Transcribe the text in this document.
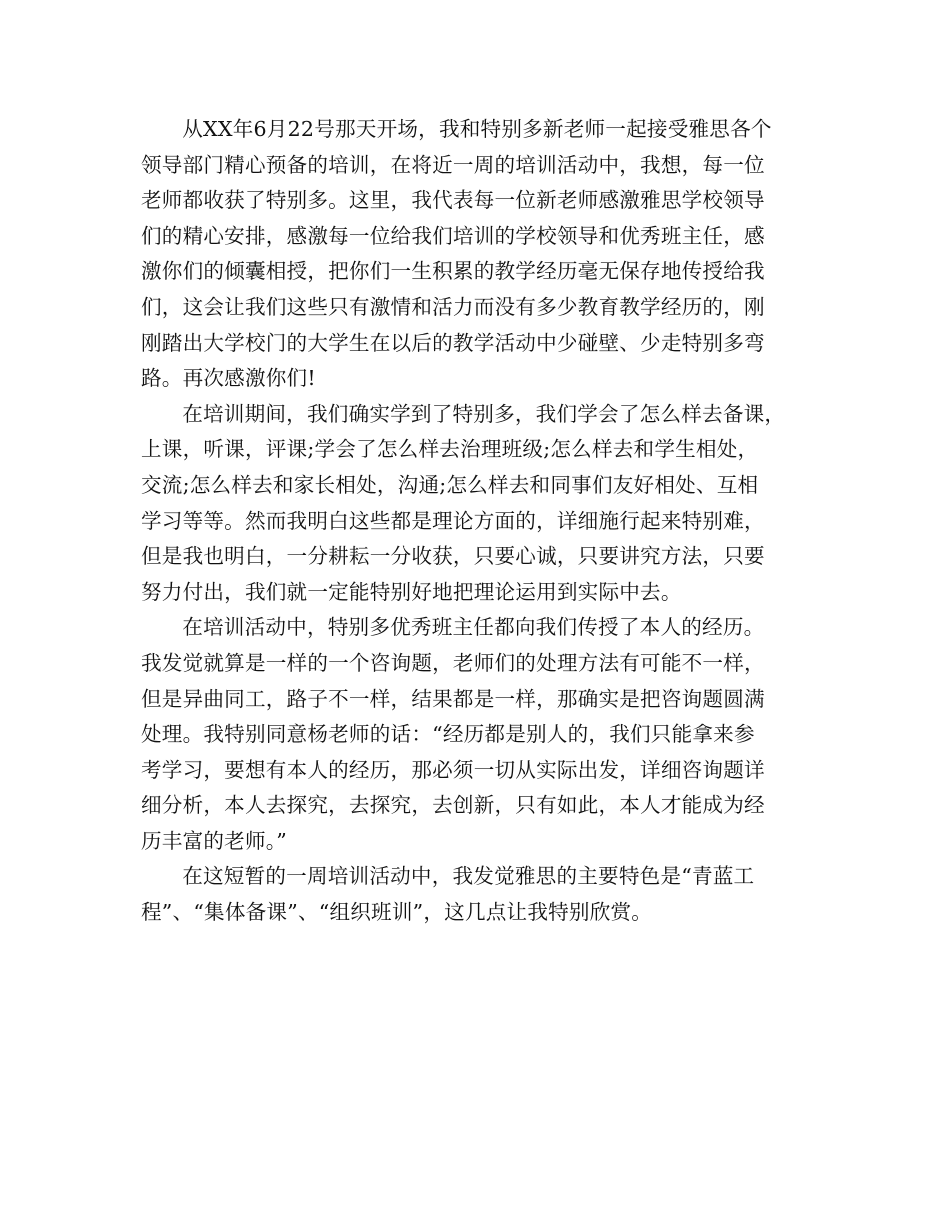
从XX年6月22号那天开场，我和特别多新老师一起接受雅思各个
领导部门精心预备的培训，在将近一周的培训活动中，我想，每一位
老师都收获了特别多。这里，我代表每一位新老师感激雅思学校领导
们的精心安排，感激每一位给我们培训的学校领导和优秀班主任，感
激你们的倾囊相授，把你们一生积累的教学经历毫无保存地传授给我
们，这会让我们这些只有激情和活力而没有多少教育教学经历的，刚
刚踏出大学校门的大学生在以后的教学活动中少碰壁、少走特别多弯
路。再次感激你们!
在培训期间，我们确实学到了特别多，我们学会了怎么样去备课，
上课，听课，评课;学会了怎么样去治理班级;怎么样去和学生相处，
交流;怎么样去和家长相处，沟通;怎么样去和同事们友好相处、互相
学习等等。然而我明白这些都是理论方面的，详细施行起来特别难，
但是我也明白，一分耕耘一分收获，只要心诚，只要讲究方法，只要
努力付出，我们就一定能特别好地把理论运用到实际中去。
在培训活动中，特别多优秀班主任都向我们传授了本人的经历。
我发觉就算是一样的一个咨询题，老师们的处理方法有可能不一样，
但是异曲同工，路子不一样，结果都是一样，那确实是把咨询题圆满
处理。我特别同意杨老师的话：“经历都是别人的，我们只能拿来参
考学习，要想有本人的经历，那必须一切从实际出发，详细咨询题详
细分析，本人去探究，去探究，去创新，只有如此，本人才能成为经
历丰富的老师。”
在这短暂的一周培训活动中，我发觉雅思的主要特色是“青蓝工
程”、“集体备课”、“组织班训”，这几点让我特别欣赏。
